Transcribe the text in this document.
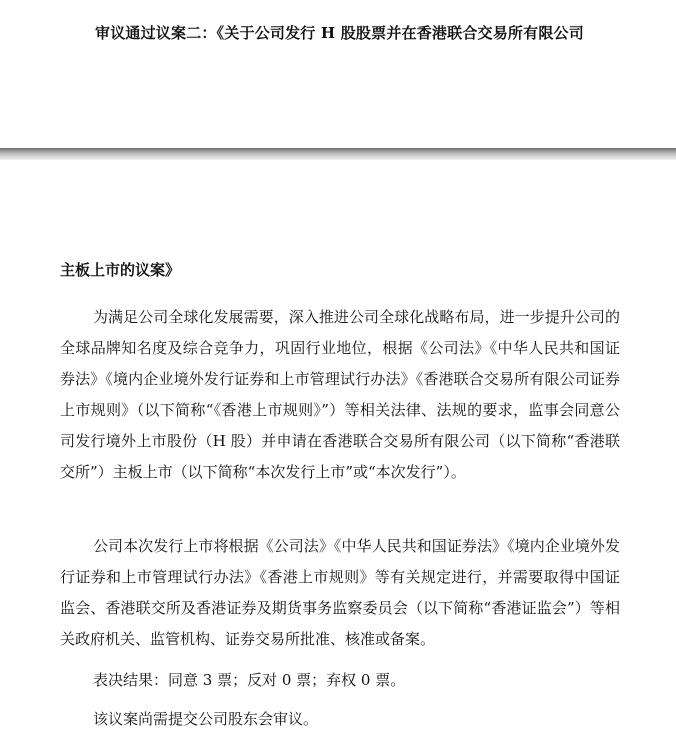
审议通过议案二：《关于公司发行 H 股股票并在香港联合交易所有限公司
主板上市的议案》

为满足公司全球化发展需要，深入推进公司全球化战略布局，进一步提升公司的全球品牌知名度及综合竞争力，巩固行业地位，根据《公司法》《中华人民共和国证券法》《境内企业境外发行证券和上市管理试行办法》《香港联合交易所有限公司证券上市规则》（以下简称“《香港上市规则》”）等相关法律、法规的要求，监事会同意公司发行境外上市股份（H 股）并申请在香港联合交易所有限公司（以下简称“香港联交所”）主板上市（以下简称“本次发行上市”或“本次发行”）。

公司本次发行上市将根据《公司法》《中华人民共和国证券法》《境内企业境外发行证券和上市管理试行办法》《香港上市规则》等有关规定进行，并需要取得中国证监会、香港联交所及香港证券及期货事务监察委员会（以下简称“香港证监会”）等相关政府机关、监管机构、证券交易所批准、核准或备案。

表决结果：同意 3 票；反对 0 票；弃权 0 票。

该议案尚需提交公司股东会审议。
